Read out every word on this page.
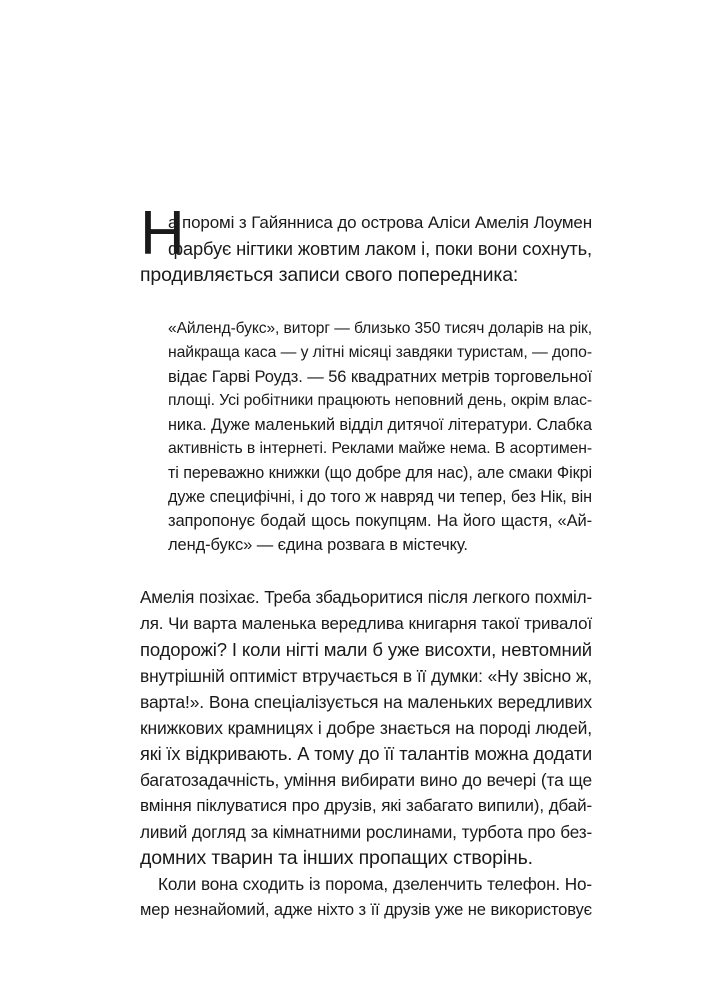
Н
а поромі з Гайянниса до острова Аліси Амелія Лоумен
фарбує нігтики жовтим лаком і, поки вони сохнуть,
продивляється записи свого попередника:
«Айленд-букс», виторг — близько 350 тисяч доларів на рік,
найкраща каса — у літні місяці завдяки туристам, — допо-
відає Гарві Роудз. — 56 квадратних метрів торговельної
площі. Усі робітники працюють неповний день, окрім влас-
ника. Дуже маленький відділ дитячої літератури. Слабка
активність в інтернеті. Реклами майже нема. В асортимен-
ті переважно книжки (що добре для нас), але смаки Фікрі
дуже специфічні, і до того ж навряд чи тепер, без Нік, він
запропонує бодай щось покупцям. На його щастя, «Ай-
ленд-букс» — єдина розвага в містечку.
Амелія позіхає. Треба збадьоритися після легкого похміл-
ля. Чи варта маленька вередлива книгарня такої тривалої
подорожі? І коли нігті мали б уже висохти, невтомний
внутрішній оптиміст втручається в її думки: «Ну звісно ж,
варта!». Вона спеціалізується на маленьких вередливих
книжкових крамницях і добре знається на породі людей,
які їх відкривають. А тому до її талантів можна додати
багатозадачність, уміння вибирати вино до вечері (та ще
вміння піклуватися про друзів, які забагато випили), дбай-
ливий догляд за кімнатними рослинами, турбота про без-
домних тварин та інших пропащих створінь.
Коли вона сходить із порома, дзеленчить телефон. Но-
мер незнайомий, адже ніхто з її друзів уже не використовує
